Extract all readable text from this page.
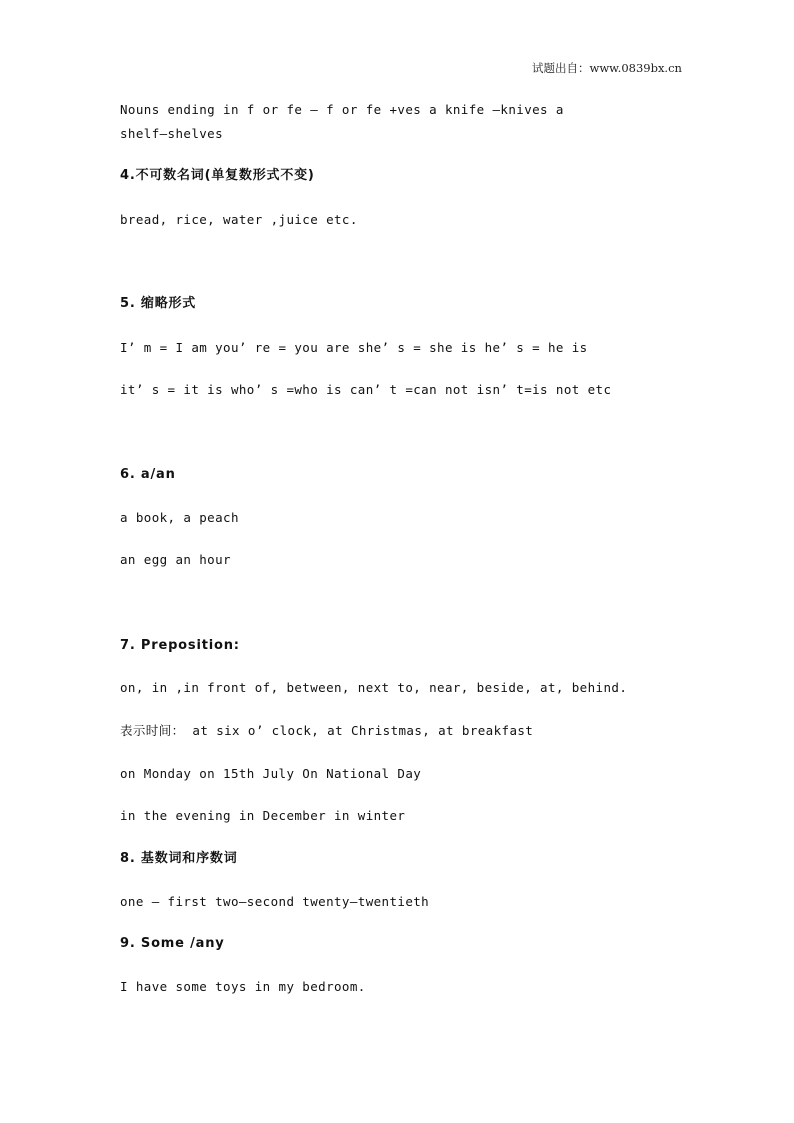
试题出自：www.0839bx.cn
Nouns ending in f or fe – f or fe +ves a knife –knives a
shelf–shelves
4.不可数名词(单复数形式不变)
bread, rice, water ,juice etc.
5. 缩略形式
I’ m = I am you’ re = you are she’ s = she is he’ s = he is
it’ s = it is who’ s =who is can’ t =can not isn’ t=is not etc
6. a/an
a book, a peach
an egg an hour
7. Preposition:
on, in ,in front of, between, next to, near, beside, at, behind.
表示时间： at six o’ clock, at Christmas, at breakfast
on Monday on 15th July On National Day
in the evening in December in winter
8. 基数词和序数词
one – first two–second twenty–twentieth
9. Some /any
I have some toys in my bedroom.
